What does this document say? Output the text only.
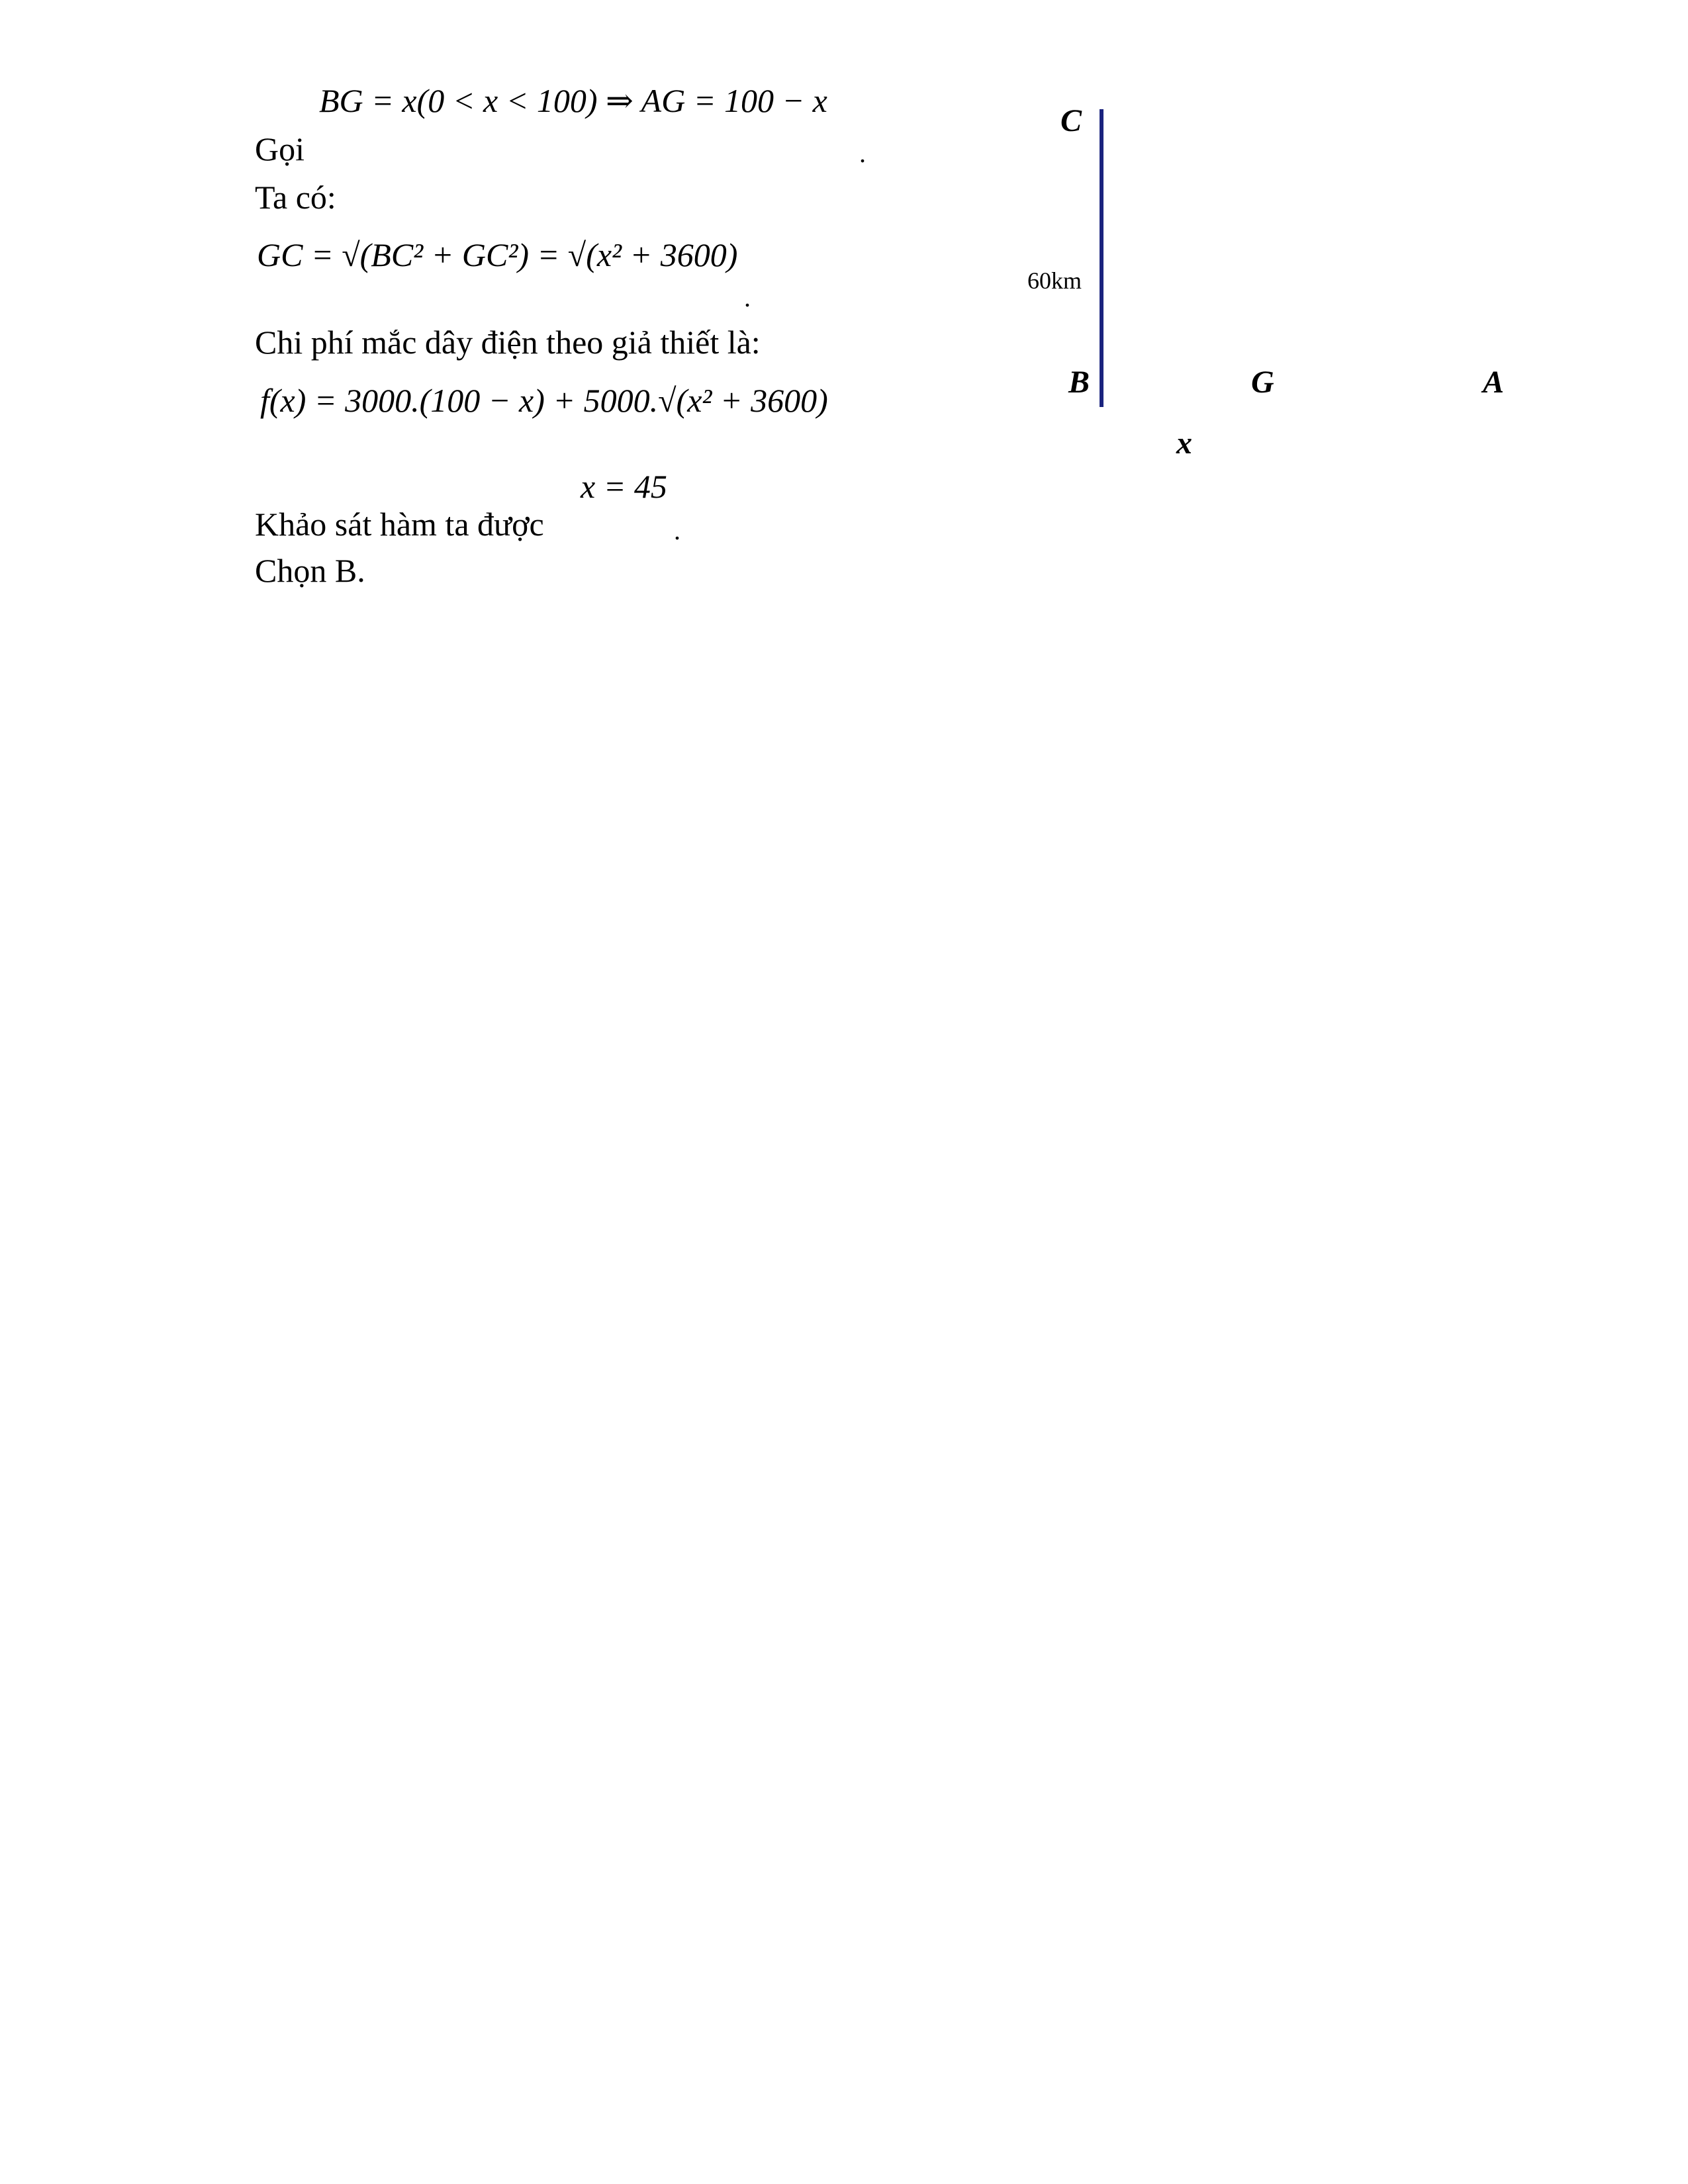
BG = x(0 < x < 100) ⇒ AG = 100 − x
Gọi	.
Ta có:
GC = √(BC² + GC²) = √(x² + 3600)
.
Chi phí mắc dây điện theo giả thiết là:
f(x) = 3000.(100 − x) + 5000.√(x² + 3600)
x = 45
Khảo sát hàm ta được	.
Chọn B.
C
60km
B	G	A
x
